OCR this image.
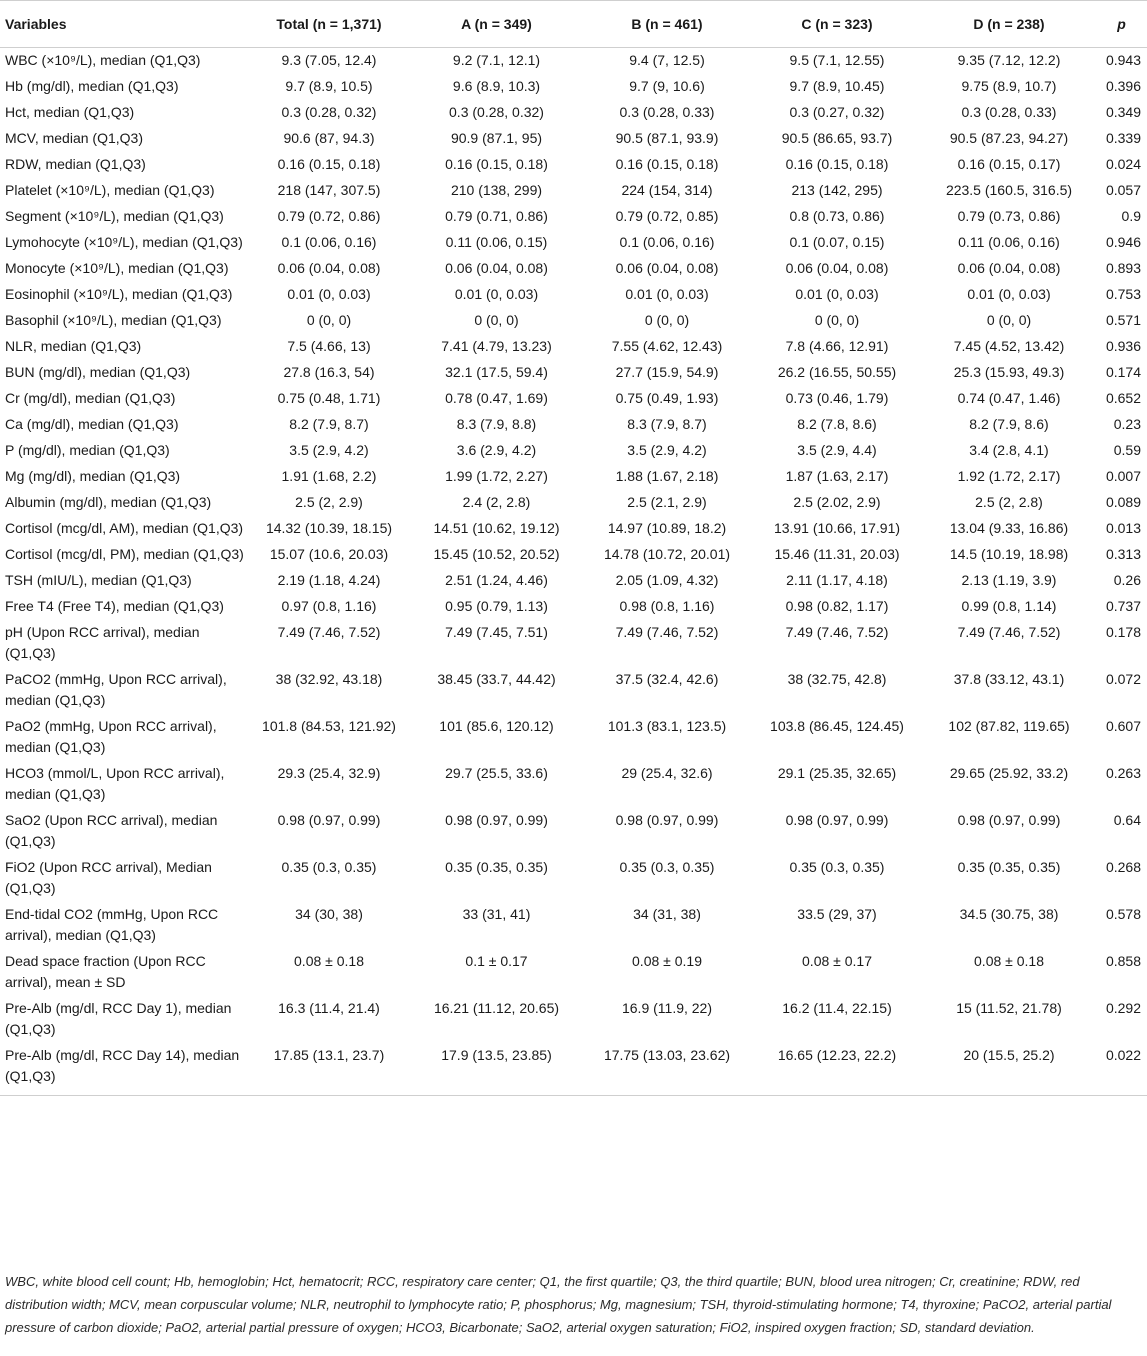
Variables	Total (n = 1,371)	A (n = 349)	B (n = 461)	C (n = 323)	D (n = 238)	p
WBC (×10⁹/L), median (Q1,Q3)	9.3 (7.05, 12.4)	9.2 (7.1, 12.1)	9.4 (7, 12.5)	9.5 (7.1, 12.55)	9.35 (7.12, 12.2)	0.943
Hb (mg/dl), median (Q1,Q3)	9.7 (8.9, 10.5)	9.6 (8.9, 10.3)	9.7 (9, 10.6)	9.7 (8.9, 10.45)	9.75 (8.9, 10.7)	0.396
Hct, median (Q1,Q3)	0.3 (0.28, 0.32)	0.3 (0.28, 0.32)	0.3 (0.28, 0.33)	0.3 (0.27, 0.32)	0.3 (0.28, 0.33)	0.349
MCV, median (Q1,Q3)	90.6 (87, 94.3)	90.9 (87.1, 95)	90.5 (87.1, 93.9)	90.5 (86.65, 93.7)	90.5 (87.23, 94.27)	0.339
RDW, median (Q1,Q3)	0.16 (0.15, 0.18)	0.16 (0.15, 0.18)	0.16 (0.15, 0.18)	0.16 (0.15, 0.18)	0.16 (0.15, 0.17)	0.024
Platelet (×10⁹/L), median (Q1,Q3)	218 (147, 307.5)	210 (138, 299)	224 (154, 314)	213 (142, 295)	223.5 (160.5, 316.5)	0.057
Segment (×10⁹/L), median (Q1,Q3)	0.79 (0.72, 0.86)	0.79 (0.71, 0.86)	0.79 (0.72, 0.85)	0.8 (0.73, 0.86)	0.79 (0.73, 0.86)	0.9
Lymohocyte (×10⁹/L), median (Q1,Q3)	0.1 (0.06, 0.16)	0.11 (0.06, 0.15)	0.1 (0.06, 0.16)	0.1 (0.07, 0.15)	0.11 (0.06, 0.16)	0.946
Monocyte (×10⁹/L), median (Q1,Q3)	0.06 (0.04, 0.08)	0.06 (0.04, 0.08)	0.06 (0.04, 0.08)	0.06 (0.04, 0.08)	0.06 (0.04, 0.08)	0.893
Eosinophil (×10⁹/L), median (Q1,Q3)	0.01 (0, 0.03)	0.01 (0, 0.03)	0.01 (0, 0.03)	0.01 (0, 0.03)	0.01 (0, 0.03)	0.753
Basophil (×10⁹/L), median (Q1,Q3)	0 (0, 0)	0 (0, 0)	0 (0, 0)	0 (0, 0)	0 (0, 0)	0.571
NLR, median (Q1,Q3)	7.5 (4.66, 13)	7.41 (4.79, 13.23)	7.55 (4.62, 12.43)	7.8 (4.66, 12.91)	7.45 (4.52, 13.42)	0.936
BUN (mg/dl), median (Q1,Q3)	27.8 (16.3, 54)	32.1 (17.5, 59.4)	27.7 (15.9, 54.9)	26.2 (16.55, 50.55)	25.3 (15.93, 49.3)	0.174
Cr (mg/dl), median (Q1,Q3)	0.75 (0.48, 1.71)	0.78 (0.47, 1.69)	0.75 (0.49, 1.93)	0.73 (0.46, 1.79)	0.74 (0.47, 1.46)	0.652
Ca (mg/dl), median (Q1,Q3)	8.2 (7.9, 8.7)	8.3 (7.9, 8.8)	8.3 (7.9, 8.7)	8.2 (7.8, 8.6)	8.2 (7.9, 8.6)	0.23
P (mg/dl), median (Q1,Q3)	3.5 (2.9, 4.2)	3.6 (2.9, 4.2)	3.5 (2.9, 4.2)	3.5 (2.9, 4.4)	3.4 (2.8, 4.1)	0.59
Mg (mg/dl), median (Q1,Q3)	1.91 (1.68, 2.2)	1.99 (1.72, 2.27)	1.88 (1.67, 2.18)	1.87 (1.63, 2.17)	1.92 (1.72, 2.17)	0.007
Albumin (mg/dl), median (Q1,Q3)	2.5 (2, 2.9)	2.4 (2, 2.8)	2.5 (2.1, 2.9)	2.5 (2.02, 2.9)	2.5 (2, 2.8)	0.089
Cortisol (mcg/dl, AM), median (Q1,Q3)	14.32 (10.39, 18.15)	14.51 (10.62, 19.12)	14.97 (10.89, 18.2)	13.91 (10.66, 17.91)	13.04 (9.33, 16.86)	0.013
Cortisol (mcg/dl, PM), median (Q1,Q3)	15.07 (10.6, 20.03)	15.45 (10.52, 20.52)	14.78 (10.72, 20.01)	15.46 (11.31, 20.03)	14.5 (10.19, 18.98)	0.313
TSH (mIU/L), median (Q1,Q3)	2.19 (1.18, 4.24)	2.51 (1.24, 4.46)	2.05 (1.09, 4.32)	2.11 (1.17, 4.18)	2.13 (1.19, 3.9)	0.26
Free T4 (Free T4), median (Q1,Q3)	0.97 (0.8, 1.16)	0.95 (0.79, 1.13)	0.98 (0.8, 1.16)	0.98 (0.82, 1.17)	0.99 (0.8, 1.14)	0.737
pH (Upon RCC arrival), median (Q1,Q3)	7.49 (7.46, 7.52)	7.49 (7.45, 7.51)	7.49 (7.46, 7.52)	7.49 (7.46, 7.52)	7.49 (7.46, 7.52)	0.178
PaCO2 (mmHg, Upon RCC arrival), median (Q1,Q3)	38 (32.92, 43.18)	38.45 (33.7, 44.42)	37.5 (32.4, 42.6)	38 (32.75, 42.8)	37.8 (33.12, 43.1)	0.072
PaO2 (mmHg, Upon RCC arrival), median (Q1,Q3)	101.8 (84.53, 121.92)	101 (85.6, 120.12)	101.3 (83.1, 123.5)	103.8 (86.45, 124.45)	102 (87.82, 119.65)	0.607
HCO3 (mmol/L, Upon RCC arrival), median (Q1,Q3)	29.3 (25.4, 32.9)	29.7 (25.5, 33.6)	29 (25.4, 32.6)	29.1 (25.35, 32.65)	29.65 (25.92, 33.2)	0.263
SaO2 (Upon RCC arrival), median (Q1,Q3)	0.98 (0.97, 0.99)	0.98 (0.97, 0.99)	0.98 (0.97, 0.99)	0.98 (0.97, 0.99)	0.98 (0.97, 0.99)	0.64
FiO2 (Upon RCC arrival), Median (Q1,Q3)	0.35 (0.3, 0.35)	0.35 (0.35, 0.35)	0.35 (0.3, 0.35)	0.35 (0.3, 0.35)	0.35 (0.35, 0.35)	0.268
End-tidal CO2 (mmHg, Upon RCC arrival), median (Q1,Q3)	34 (30, 38)	33 (31, 41)	34 (31, 38)	33.5 (29, 37)	34.5 (30.75, 38)	0.578
Dead space fraction (Upon RCC arrival), mean ± SD	0.08 ± 0.18	0.1 ± 0.17	0.08 ± 0.19	0.08 ± 0.17	0.08 ± 0.18	0.858
Pre-Alb (mg/dl, RCC Day 1), median (Q1,Q3)	16.3 (11.4, 21.4)	16.21 (11.12, 20.65)	16.9 (11.9, 22)	16.2 (11.4, 22.15)	15 (11.52, 21.78)	0.292
Pre-Alb (mg/dl, RCC Day 14), median (Q1,Q3)	17.85 (13.1, 23.7)	17.9 (13.5, 23.85)	17.75 (13.03, 23.62)	16.65 (12.23, 22.2)	20 (15.5, 25.2)	0.022
WBC, white blood cell count; Hb, hemoglobin; Hct, hematocrit; RCC, respiratory care center; Q1, the first quartile; Q3, the third quartile; BUN, blood urea nitrogen; Cr, creatinine; RDW, red distribution width; MCV, mean corpuscular volume; NLR, neutrophil to lymphocyte ratio; P, phosphorus; Mg, magnesium; TSH, thyroid-stimulating hormone; T4, thyroxine; PaCO2, arterial partial pressure of carbon dioxide; PaO2, arterial partial pressure of oxygen; HCO3, Bicarbonate; SaO2, arterial oxygen saturation; FiO2, inspired oxygen fraction; SD, standard deviation.
